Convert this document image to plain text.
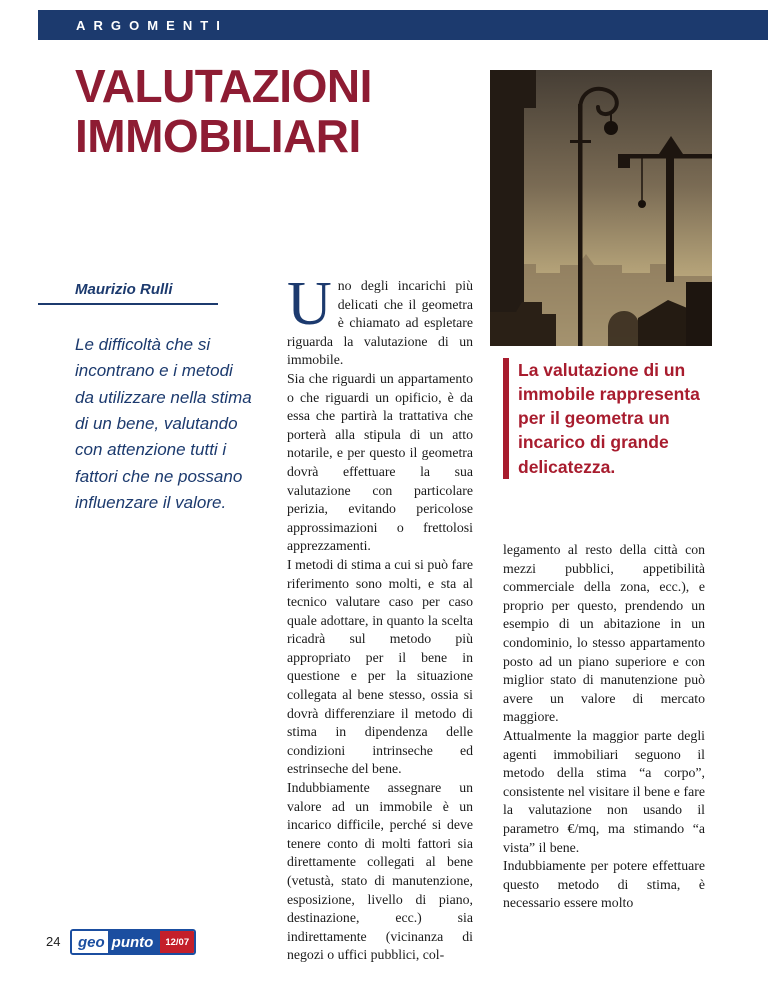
ARGOMENTI
VALUTAZIONI
IMMOBILIARI
Maurizio Rulli
Le difficoltà che si incontrano e i metodi da utilizzare nella stima di un bene, valutando con attenzione tutti i fattori che ne possano influenzare il valore.

Uno degli incarichi più delicati che il geometra è chiamato ad espletare riguarda la valutazione di un immobile.

Sia che riguardi un appartamento o che riguardi un opificio, è da essa che partirà la trattativa che porterà alla stipula di un atto notarile, e per questo il geometra dovrà effettuare la sua valutazione con particolare perizia, evitando pericolose approssimazioni o frettolosi apprezzamenti.

I metodi di stima a cui si può fare riferimento sono molti, e sta al tecnico valutare caso per caso quale adottare, in quanto la scelta ricadrà sul metodo più appropriato per il bene in questione e per la situazione collegata al bene stesso, ossia si dovrà differenziare il metodo di stima in dipendenza delle condizioni intrinseche ed estrinseche del bene.

Indubbiamente assegnare un valore ad un immobile è un incarico difficile, perché si deve tenere conto di molti fattori sia direttamente collegati al bene (vetustà, stato di manutenzione, esposizione, livello di piano, destinazione, ecc.) sia indirettamente (vicinanza di negozi o uffici pubblici, col-

La valutazione di un immobile rappresenta per il geometra un incarico di grande delicatezza.

legamento al resto della città con mezzi pubblici, appetibilità commerciale della zona, ecc.), e proprio per questo, prendendo un esempio di un abitazione in un condominio, lo stesso appartamento posto ad un piano superiore e con miglior stato di manutenzione può avere un valore di mercato maggiore.

Attualmente la maggior parte degli agenti immobiliari seguono il metodo della stima “a corpo”, consistente nel visitare il bene e fare la valutazione non usando il parametro €/mq, ma stimando “a vista” il bene.

Indubbiamente per potere effettuare questo metodo di stima, è necessario essere molto

24	geo punto	12/07
